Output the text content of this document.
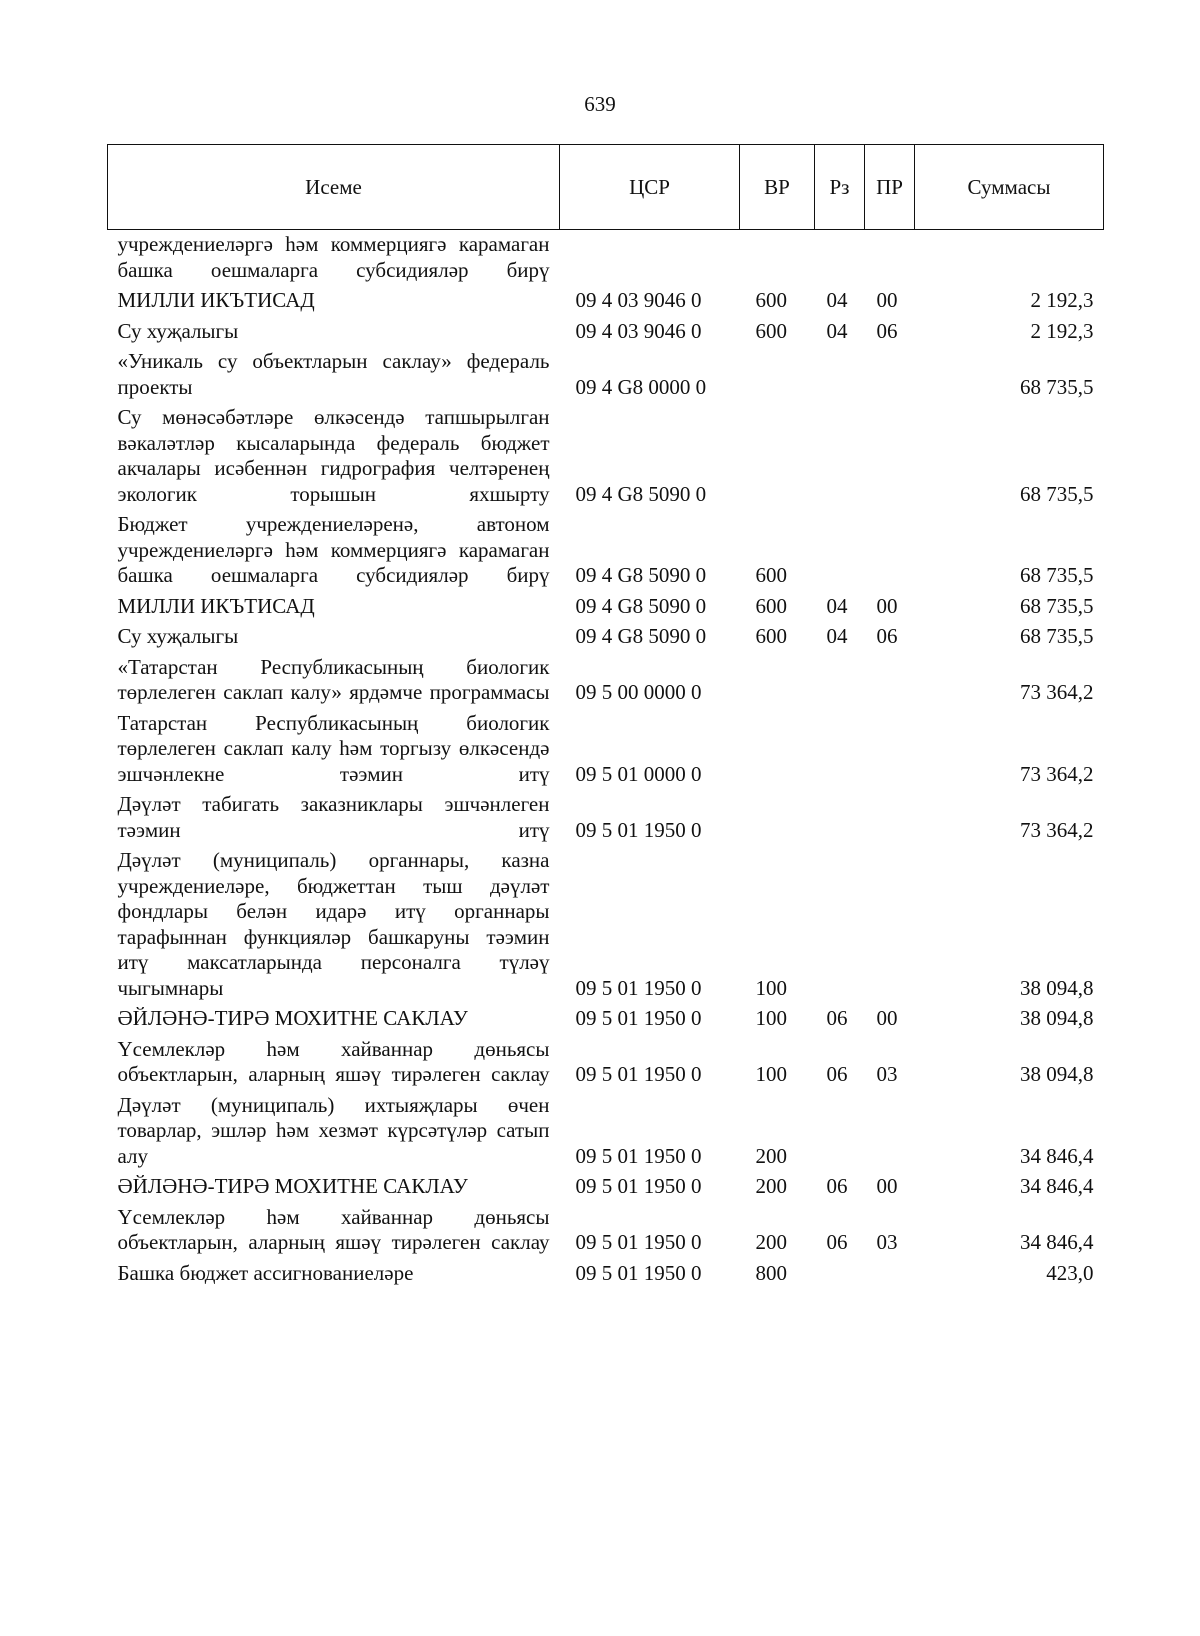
639
Исеме	ЦСР	ВР	Рз	ПР	Суммасы
учреждениеләргә һәм коммерциягә карамаган башка оешмаларга субсидияләр бирү					
МИЛЛИ ИКЪТИСАД	09 4 03 9046 0	600	04	00	2 192,3
Су хуҗалыгы	09 4 03 9046 0	600	04	06	2 192,3
«Уникаль су объектларын саклау» федераль проекты	09 4 G8 0000 0				68 735,5
Су мөнәсәбәтләре өлкәсендә тапшырылган вәкаләтләр кысаларында федераль бюджет акчалары исәбеннән гидрография челтәренең экологик торышын яхшырту	09 4 G8 5090 0				68 735,5
Бюджет учреждениеләренә, автоном учреждениеләргә һәм коммерциягә карамаган башка оешмаларга субсидияләр бирү	09 4 G8 5090 0	600			68 735,5
МИЛЛИ ИКЪТИСАД	09 4 G8 5090 0	600	04	00	68 735,5
Су хуҗалыгы	09 4 G8 5090 0	600	04	06	68 735,5
«Татарстан Республикасының биологик төрлелеген саклап калу» ярдәмче программасы	09 5 00 0000 0				73 364,2
Татарстан Республикасының биологик төрлелеген саклап калу һәм торгызу өлкәсендә эшчәнлекне тәэмин итү	09 5 01 0000 0				73 364,2
Дәүләт табигать заказниклары эшчәнлеген тәэмин итү	09 5 01 1950 0				73 364,2
Дәүләт (муниципаль) органнары, казна учреждениеләре, бюджеттан тыш дәүләт фондлары белән идарә итү органнары тарафыннан функцияләр башкаруны тәэмин итү максатларында персоналга түләү чыгымнары	09 5 01 1950 0	100			38 094,8
ӘЙЛӘНӘ-ТИРӘ МОХИТНЕ САКЛАУ	09 5 01 1950 0	100	06	00	38 094,8
Үсемлекләр һәм хайваннар дөньясы объектларын, аларның яшәү тирәлеген саклау	09 5 01 1950 0	100	06	03	38 094,8
Дәүләт (муниципаль) ихтыяҗлары өчен товарлар, эшләр һәм хезмәт күрсәтүләр сатып алу	09 5 01 1950 0	200			34 846,4
ӘЙЛӘНӘ-ТИРӘ МОХИТНЕ САКЛАУ	09 5 01 1950 0	200	06	00	34 846,4
Үсемлекләр һәм хайваннар дөньясы объектларын, аларның яшәү тирәлеген саклау	09 5 01 1950 0	200	06	03	34 846,4
Башка бюджет ассигнованиеләре	09 5 01 1950 0	800			423,0
